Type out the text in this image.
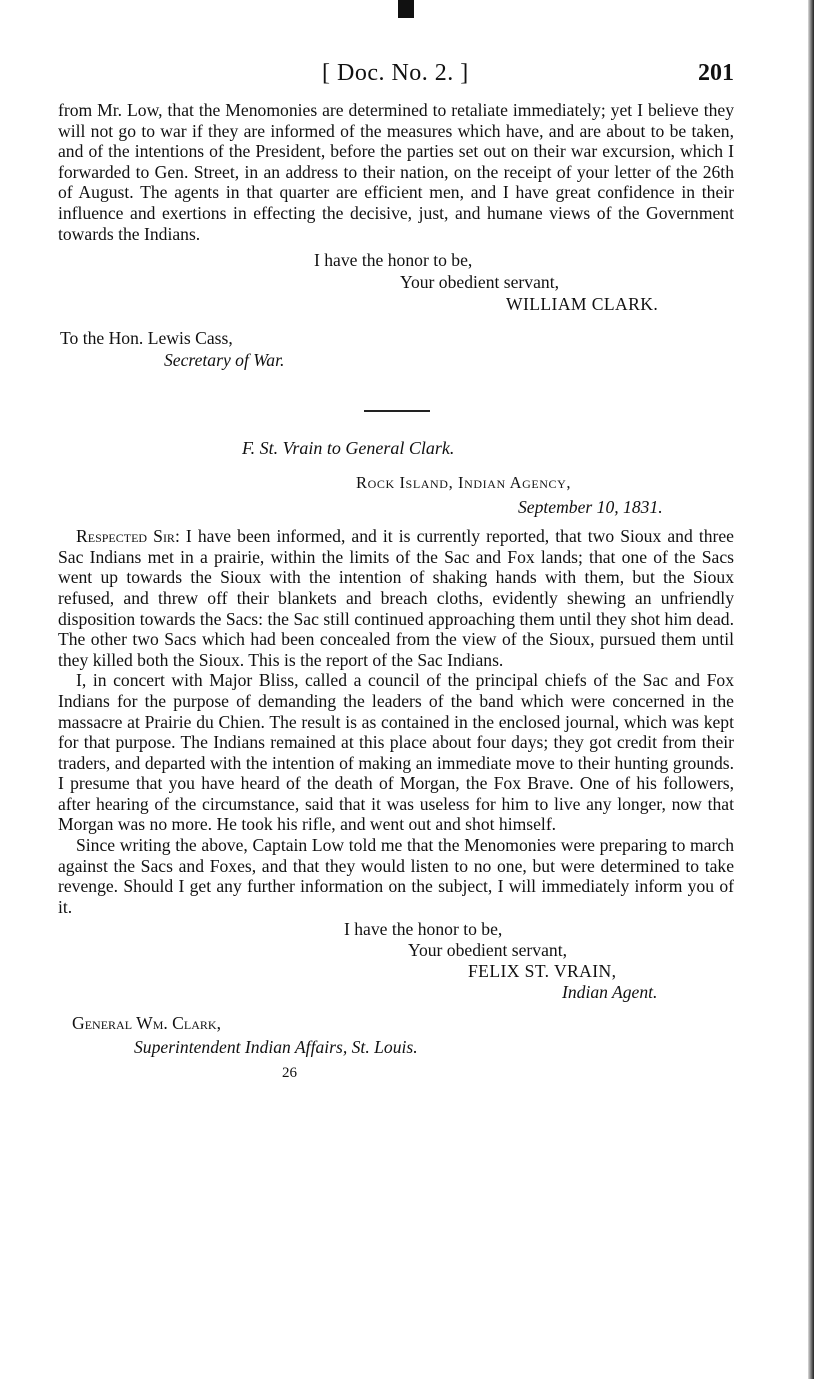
[ Doc. No. 2. ]	201

from Mr. Low, that the Menomonies are determined to retaliate immediately; yet I believe they will not go to war if they are informed of the measures which have, and are about to be taken, and of the intentions of the President, before the parties set out on their war excursion, which I forwarded to Gen. Street, in an address to their nation, on the receipt of your letter of the 26th of August. The agents in that quarter are efficient men, and I have great confidence in their influence and exertions in effecting the decisive, just, and humane views of the Government towards the Indians.

I have the honor to be,
Your obedient servant,
WILLIAM CLARK.
To the Hon. Lewis Cass,
Secretary of War.
F. St. Vrain to General Clark.
Rock Island, Indian Agency,
September 10, 1831.

Respected Sir: I have been informed, and it is currently reported, that two Sioux and three Sac Indians met in a prairie, within the limits of the Sac and Fox lands; that one of the Sacs went up towards the Sioux with the intention of shaking hands with them, but the Sioux refused, and threw off their blankets and breach cloths, evidently shewing an unfriendly disposition towards the Sacs: the Sac still continued approaching them until they shot him dead. The other two Sacs which had been concealed from the view of the Sioux, pursued them until they killed both the Sioux. This is the report of the Sac Indians.

I, in concert with Major Bliss, called a council of the principal chiefs of the Sac and Fox Indians for the purpose of demanding the leaders of the band which were concerned in the massacre at Prairie du Chien. The result is as contained in the enclosed journal, which was kept for that purpose. The Indians remained at this place about four days; they got credit from their traders, and departed with the intention of making an immediate move to their hunting grounds. I presume that you have heard of the death of Morgan, the Fox Brave. One of his followers, after hearing of the circumstance, said that it was useless for him to live any longer, now that Morgan was no more. He took his rifle, and went out and shot himself.

Since writing the above, Captain Low told me that the Menomonies were preparing to march against the Sacs and Foxes, and that they would listen to no one, but were determined to take revenge. Should I get any further information on the subject, I will immediately inform you of it.

I have the honor to be,
Your obedient servant,
FELIX ST. VRAIN,
Indian Agent.
General Wm. Clark,
Superintendent Indian Affairs, St. Louis.
26
